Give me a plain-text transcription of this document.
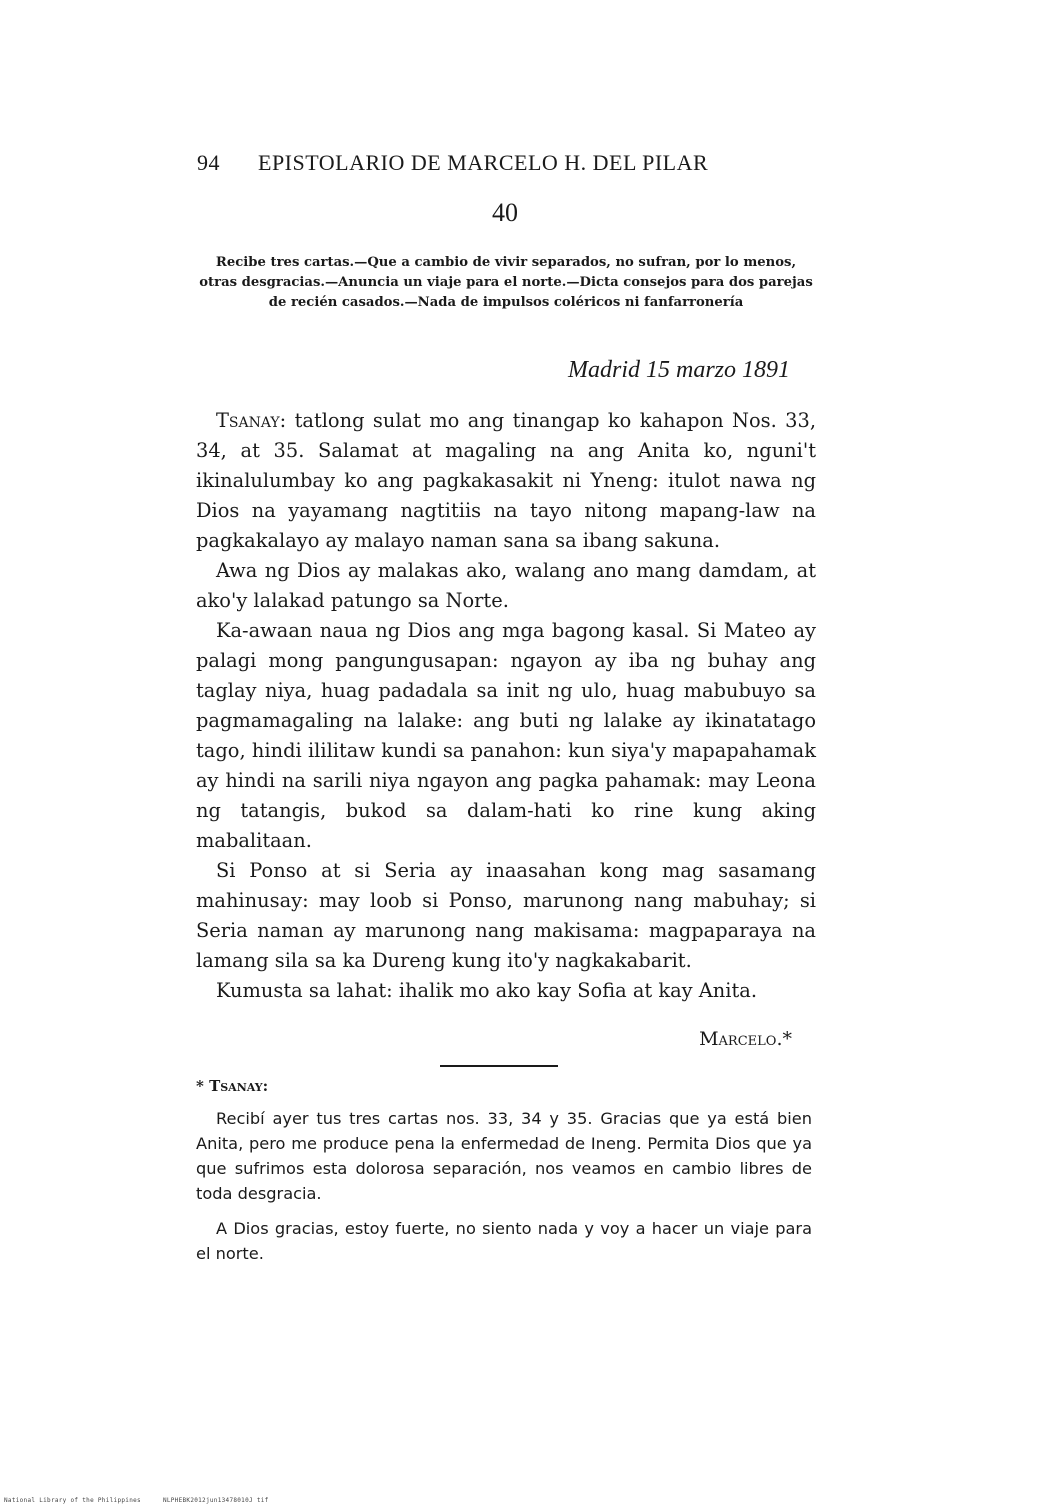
94 EPISTOLARIO DE MARCELO H. DEL PILAR
40
Recibe tres cartas.—Que a cambio de vivir separados, no sufran, por lo menos, otras desgracias.—Anuncia un viaje para el norte.—Dicta consejos para dos parejas de recién casados.—Nada de impulsos coléricos ni fanfarronería
Madrid 15 marzo 1891

Tsanay: tatlong sulat mo ang tinangap ko kahapon Nos. 33, 34, at 35. Salamat at magaling na ang Anita ko, nguni't ikinalulumbay ko ang pagkakasakit ni Yneng: itulot nawa ng Dios na yayamang nagtitiis na tayo nitong mapang-law na pagkakalayo ay malayo naman sana sa ibang sakuna.

Awa ng Dios ay malakas ako, walang ano mang damdam, at ako'y lalakad patungo sa Norte.

Ka-awaan naua ng Dios ang mga bagong kasal. Si Mateo ay palagi mong pangungusapan: ngayon ay iba ng buhay ang taglay niya, huag padadala sa init ng ulo, huag mabubuyo sa pagmamagaling na lalake: ang buti ng lalake ay ikinatatago tago, hindi ililitaw kundi sa panahon: kun siya'y mapapahamak ay hindi na sarili niya ngayon ang pagka pahamak: may Leona ng tatangis, bukod sa dalam-hati ko rine kung aking mabalitaan.

Si Ponso at si Seria ay inaasahan kong mag sasamang mahinusay: may loob si Ponso, marunong nang mabuhay; si Seria naman ay marunong nang makisama: magpaparaya na lamang sila sa ka Dureng kung ito'y nagkakabarit.

Kumusta sa lahat: ihalik mo ako kay Sofia at kay Anita.

Marcelo.*
* Tsanay:

Recibí ayer tus tres cartas nos. 33, 34 y 35. Gracias que ya está bien Anita, pero me produce pena la enfermedad de Ineng. Permita Dios que ya que sufrimos esta dolorosa separación, nos veamos en cambio libres de toda desgracia.

A Dios gracias, estoy fuerte, no siento nada y voy a hacer un viaje para el norte.

National Library of the Philippines	NLPHEBK2012jun13478010J tif
